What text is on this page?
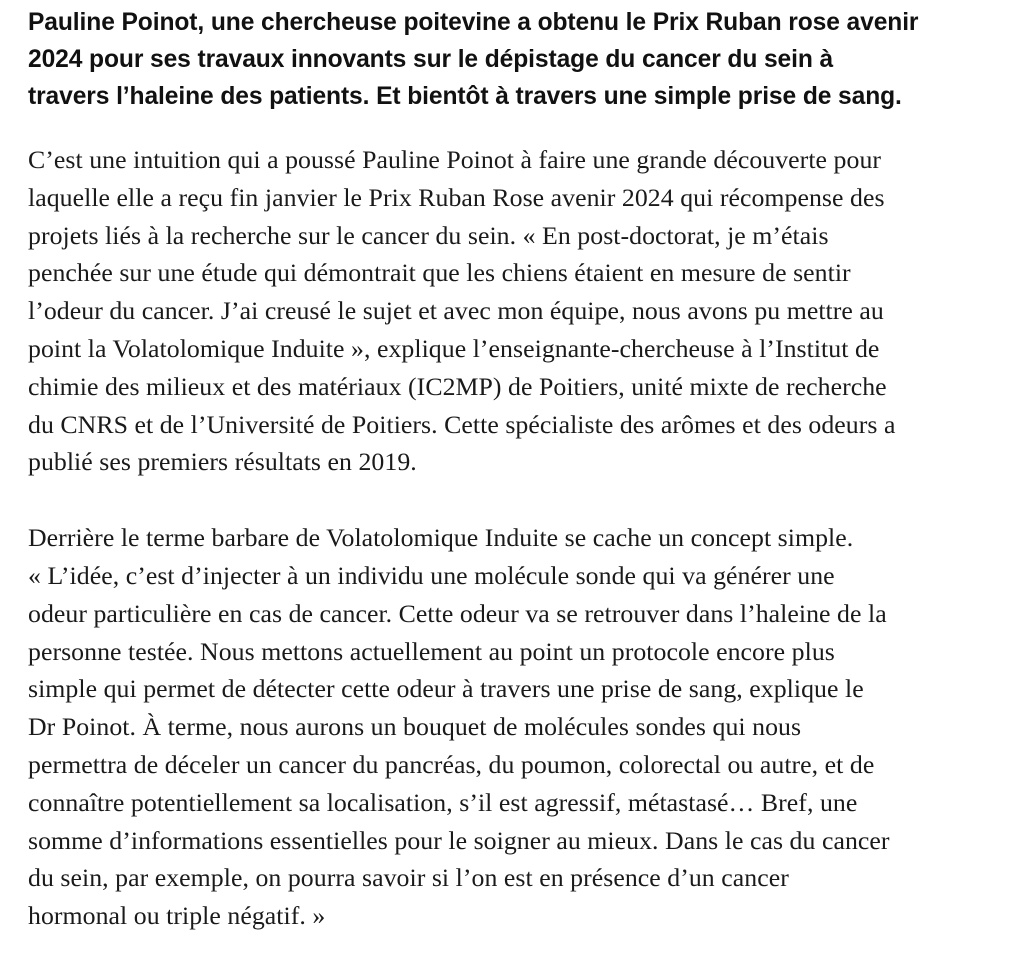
Pauline Poinot, une chercheuse poitevine a obtenu le Prix Ruban rose avenir
2024 pour ses travaux innovants sur le dépistage du cancer du sein à
travers l’haleine des patients. Et bientôt à travers une simple prise de sang.

C’est une intuition qui a poussé Pauline Poinot à faire une grande découverte pour
laquelle elle a reçu fin janvier le Prix Ruban Rose avenir 2024 qui récompense des
projets liés à la recherche sur le cancer du sein. « En post-doctorat, je m’étais
penchée sur une étude qui démontrait que les chiens étaient en mesure de sentir
l’odeur du cancer. J’ai creusé le sujet et avec mon équipe, nous avons pu mettre au
point la Volatolomique Induite », explique l’enseignante-chercheuse à l’Institut de
chimie des milieux et des matériaux (IC2MP) de Poitiers, unité mixte de recherche
du CNRS et de l’Université de Poitiers. Cette spécialiste des arômes et des odeurs a
publié ses premiers résultats en 2019.

Derrière le terme barbare de Volatolomique Induite se cache un concept simple.
« L’idée, c’est d’injecter à un individu une molécule sonde qui va générer une
odeur particulière en cas de cancer. Cette odeur va se retrouver dans l’haleine de la
personne testée. Nous mettons actuellement au point un protocole encore plus
simple qui permet de détecter cette odeur à travers une prise de sang, explique le
Dr Poinot. À terme, nous aurons un bouquet de molécules sondes qui nous
permettra de déceler un cancer du pancréas, du poumon, colorectal ou autre, et de
connaître potentiellement sa localisation, s’il est agressif, métastasé… Bref, une
somme d’informations essentielles pour le soigner au mieux. Dans le cas du cancer
du sein, par exemple, on pourra savoir si l’on est en présence d’un cancer
hormonal ou triple négatif. »
